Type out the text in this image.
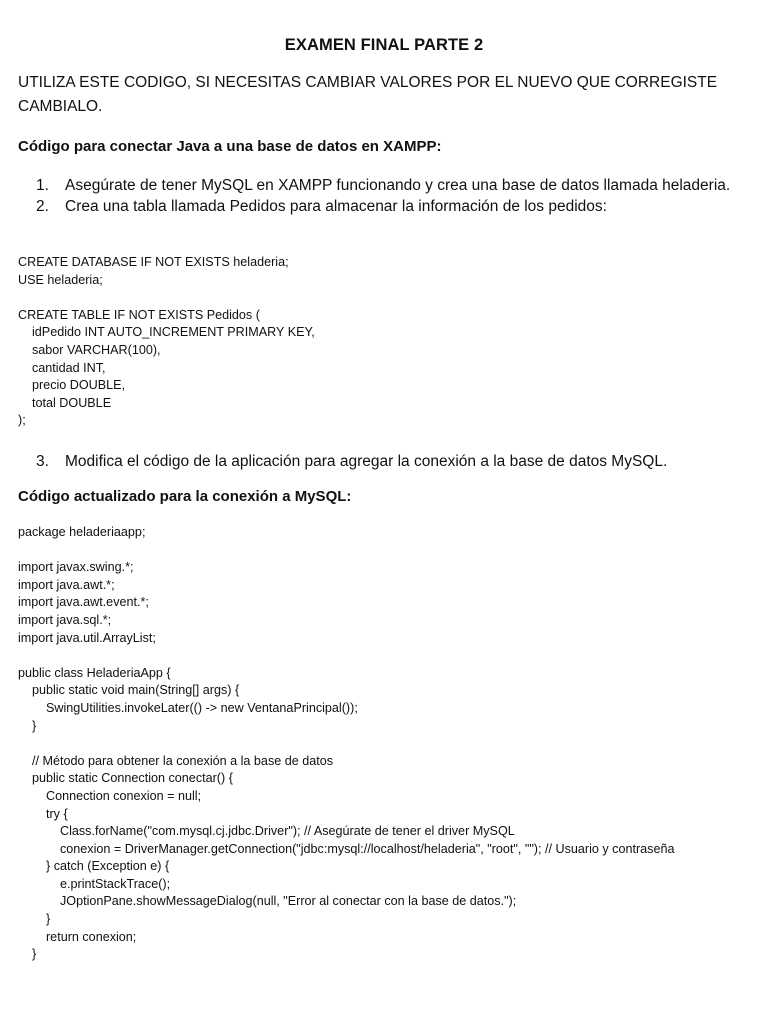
EXAMEN FINAL PARTE 2
UTILIZA ESTE CODIGO, SI NECESITAS CAMBIAR VALORES POR EL NUEVO QUE CORREGISTE CAMBIALO.
Código para conectar Java a una base de datos en XAMPP:
1.	Asegúrate de tener MySQL en XAMPP funcionando y crea una base de datos llamada heladeria.
2.	Crea una tabla llamada Pedidos para almacenar la información de los pedidos:
CREATE DATABASE IF NOT EXISTS heladeria;
USE heladeria;
CREATE TABLE IF NOT EXISTS Pedidos (
idPedido INT AUTO_INCREMENT PRIMARY KEY,
sabor VARCHAR(100),
cantidad INT,
precio DOUBLE,
total DOUBLE
);
3.	Modifica el código de la aplicación para agregar la conexión a la base de datos MySQL.
Código actualizado para la conexión a MySQL:
package heladeriaapp;
import javax.swing.*;
import java.awt.*;
import java.awt.event.*;
import java.sql.*;
import java.util.ArrayList;
public class HeladeriaApp {
public static void main(String[] args) {
SwingUtilities.invokeLater(() -> new VentanaPrincipal());
}
// Método para obtener la conexión a la base de datos
public static Connection conectar() {
Connection conexion = null;
try {
Class.forName("com.mysql.cj.jdbc.Driver"); // Asegúrate de tener el driver MySQL
conexion = DriverManager.getConnection("jdbc:mysql://localhost/heladeria", "root", ""); // Usuario y contraseña
} catch (Exception e) {
e.printStackTrace();
JOptionPane.showMessageDialog(null, "Error al conectar con la base de datos.");
}
return conexion;
}
